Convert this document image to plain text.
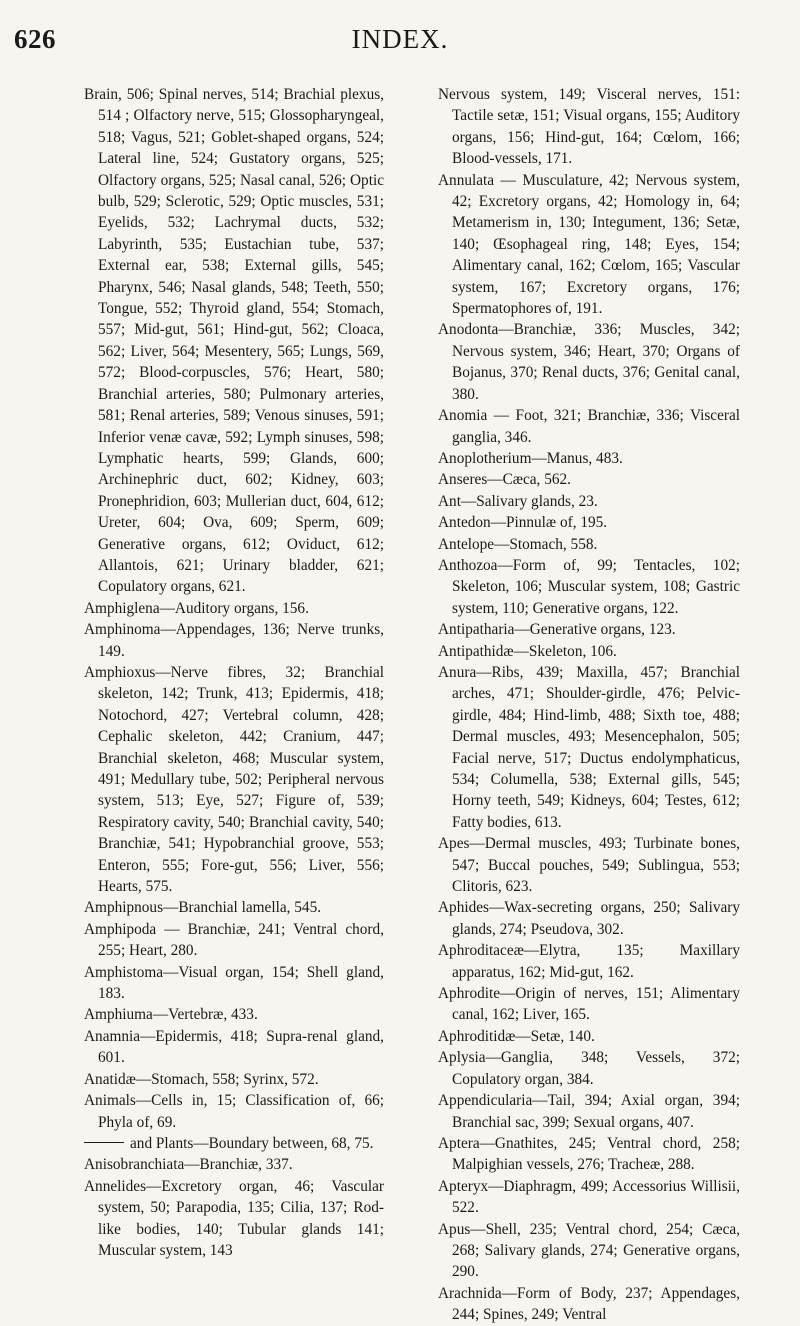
626	INDEX.

Brain, 506; Spinal nerves, 514; Brachial plexus, 514 ; Olfactory nerve, 515; Glossopharyngeal, 518; Vagus, 521; Goblet-shaped organs, 524; Lateral line, 524; Gustatory organs, 525; Olfactory organs, 525; Nasal canal, 526; Optic bulb, 529; Sclerotic, 529; Optic muscles, 531; Eyelids, 532; Lachrymal ducts, 532; Labyrinth, 535; Eustachian tube, 537; External ear, 538; External gills, 545; Pharynx, 546; Nasal glands, 548; Teeth, 550; Tongue, 552; Thyroid gland, 554; Stomach, 557; Mid-gut, 561; Hind-gut, 562; Cloaca, 562; Liver, 564; Mesentery, 565; Lungs, 569, 572; Blood-corpuscles, 576; Heart, 580; Branchial arteries, 580; Pulmonary arteries, 581; Renal arteries, 589; Venous sinuses, 591; Inferior venæ cavæ, 592; Lymph sinuses, 598; Lymphatic hearts, 599; Glands, 600; Archinephric duct, 602; Kidney, 603; Pronephridion, 603; Mullerian duct, 604, 612; Ureter, 604; Ova, 609; Sperm, 609; Generative organs, 612; Oviduct, 612; Allantois, 621; Urinary bladder, 621; Copulatory organs, 621.

Amphiglena—Auditory organs, 156.

Amphinoma—Appendages, 136; Nerve trunks, 149.

Amphioxus—Nerve fibres, 32; Branchial skeleton, 142; Trunk, 413; Epidermis, 418; Notochord, 427; Vertebral column, 428; Cephalic skeleton, 442; Cranium, 447; Branchial skeleton, 468; Muscular system, 491; Medullary tube, 502; Peripheral nervous system, 513; Eye, 527; Figure of, 539; Respiratory cavity, 540; Branchial cavity, 540; Branchiæ, 541; Hypobranchial groove, 553; Enteron, 555; Fore-gut, 556; Liver, 556; Hearts, 575.

Amphipnous—Branchial lamella, 545.

Amphipoda — Branchiæ, 241; Ventral chord, 255; Heart, 280.

Amphistoma—Visual organ, 154; Shell gland, 183.

Amphiuma—Vertebræ, 433.

Anamnia—Epidermis, 418; Supra-renal gland, 601.

Anatidæ—Stomach, 558; Syrinx, 572.

Animals—Cells in, 15; Classification of, 66; Phyla of, 69.

and Plants—Boundary between, 68, 75.

Anisobranchiata—Branchiæ, 337.

Annelides—Excretory organ, 46; Vascular system, 50; Parapodia, 135; Cilia, 137; Rod-like bodies, 140; Tubular glands 141; Muscular system, 143

Nervous system, 149; Visceral nerves, 151: Tactile setæ, 151; Visual organs, 155; Auditory organs, 156; Hind-gut, 164; Cœlom, 166; Blood-vessels, 171.

Annulata — Musculature, 42; Nervous system, 42; Excretory organs, 42; Homology in, 64; Metamerism in, 130; Integument, 136; Setæ, 140; Œsophageal ring, 148; Eyes, 154; Alimentary canal, 162; Cœlom, 165; Vascular system, 167; Excretory organs, 176; Spermatophores of, 191.

Anodonta—Branchiæ, 336; Muscles, 342; Nervous system, 346; Heart, 370; Organs of Bojanus, 370; Renal ducts, 376; Genital canal, 380.

Anomia — Foot, 321; Branchiæ, 336; Visceral ganglia, 346.

Anoplotherium—Manus, 483.

Anseres—Cæca, 562.

Ant—Salivary glands, 23.

Antedon—Pinnulæ of, 195.

Antelope—Stomach, 558.

Anthozoa—Form of, 99; Tentacles, 102; Skeleton, 106; Muscular system, 108; Gastric system, 110; Generative organs, 122.

Antipatharia—Generative organs, 123.

Antipathidæ—Skeleton, 106.

Anura—Ribs, 439; Maxilla, 457; Branchial arches, 471; Shoulder-girdle, 476; Pelvic-girdle, 484; Hind-limb, 488; Sixth toe, 488; Dermal muscles, 493; Mesencephalon, 505; Facial nerve, 517; Ductus endolymphaticus, 534; Columella, 538; External gills, 545; Horny teeth, 549; Kidneys, 604; Testes, 612; Fatty bodies, 613.

Apes—Dermal muscles, 493; Turbinate bones, 547; Buccal pouches, 549; Sublingua, 553; Clitoris, 623.

Aphides—Wax-secreting organs, 250; Salivary glands, 274; Pseudova, 302.

Aphroditaceæ—Elytra, 135; Maxillary apparatus, 162; Mid-gut, 162.

Aphrodite—Origin of nerves, 151; Alimentary canal, 162; Liver, 165.

Aphroditidæ—Setæ, 140.

Aplysia—Ganglia, 348; Vessels, 372; Copulatory organ, 384.

Appendicularia—Tail, 394; Axial organ, 394; Branchial sac, 399; Sexual organs, 407.

Aptera—Gnathites, 245; Ventral chord, 258; Malpighian vessels, 276; Tracheæ, 288.

Apteryx—Diaphragm, 499; Accessorius Willisii, 522.

Apus—Shell, 235; Ventral chord, 254; Cæca, 268; Salivary glands, 274; Generative organs, 290.

Arachnida—Form of Body, 237; Appendages, 244; Spines, 249; Ventral
